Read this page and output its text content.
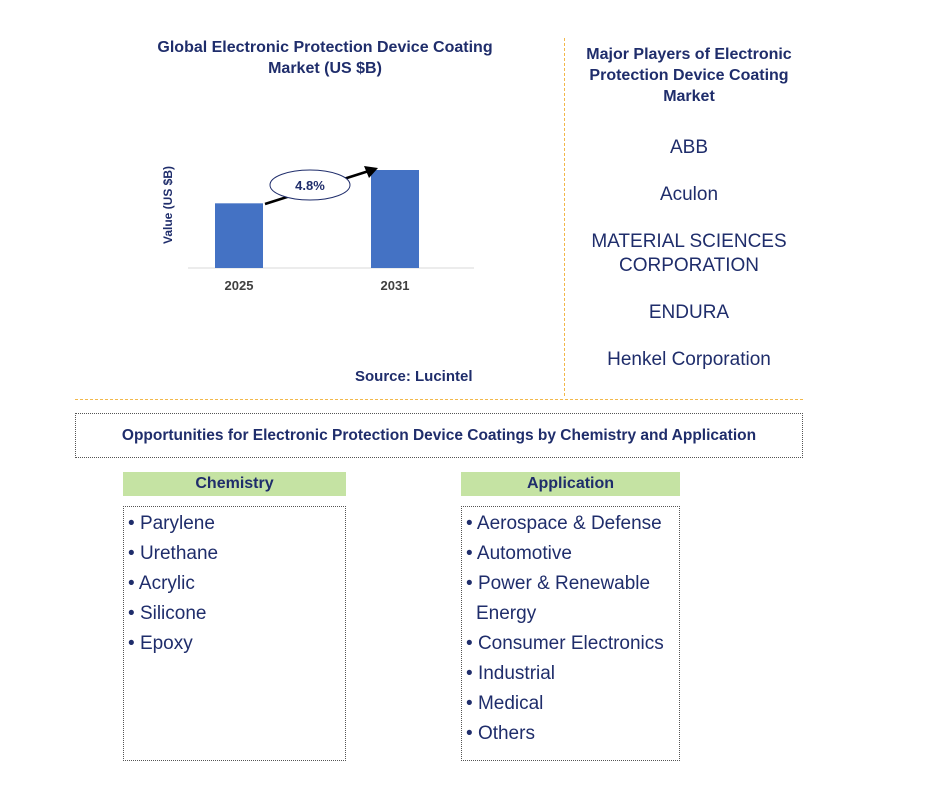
Global Electronic Protection Device Coating Market (US $B)
Value (US $B)
2025	2031
4.8%
Source: Lucintel
Major Players of Electronic Protection Device Coating Market
ABB
Aculon
MATERIAL SCIENCES CORPORATION
ENDURA
Henkel Corporation
Opportunities for Electronic Protection Device Coatings by Chemistry and Application
Chemistry
• Parylene
• Urethane
• Acrylic
• Silicone
• Epoxy
Application
• Aerospace & Defense
• Automotive
• Power & Renewable
Energy
• Consumer Electronics
• Industrial
• Medical
• Others
